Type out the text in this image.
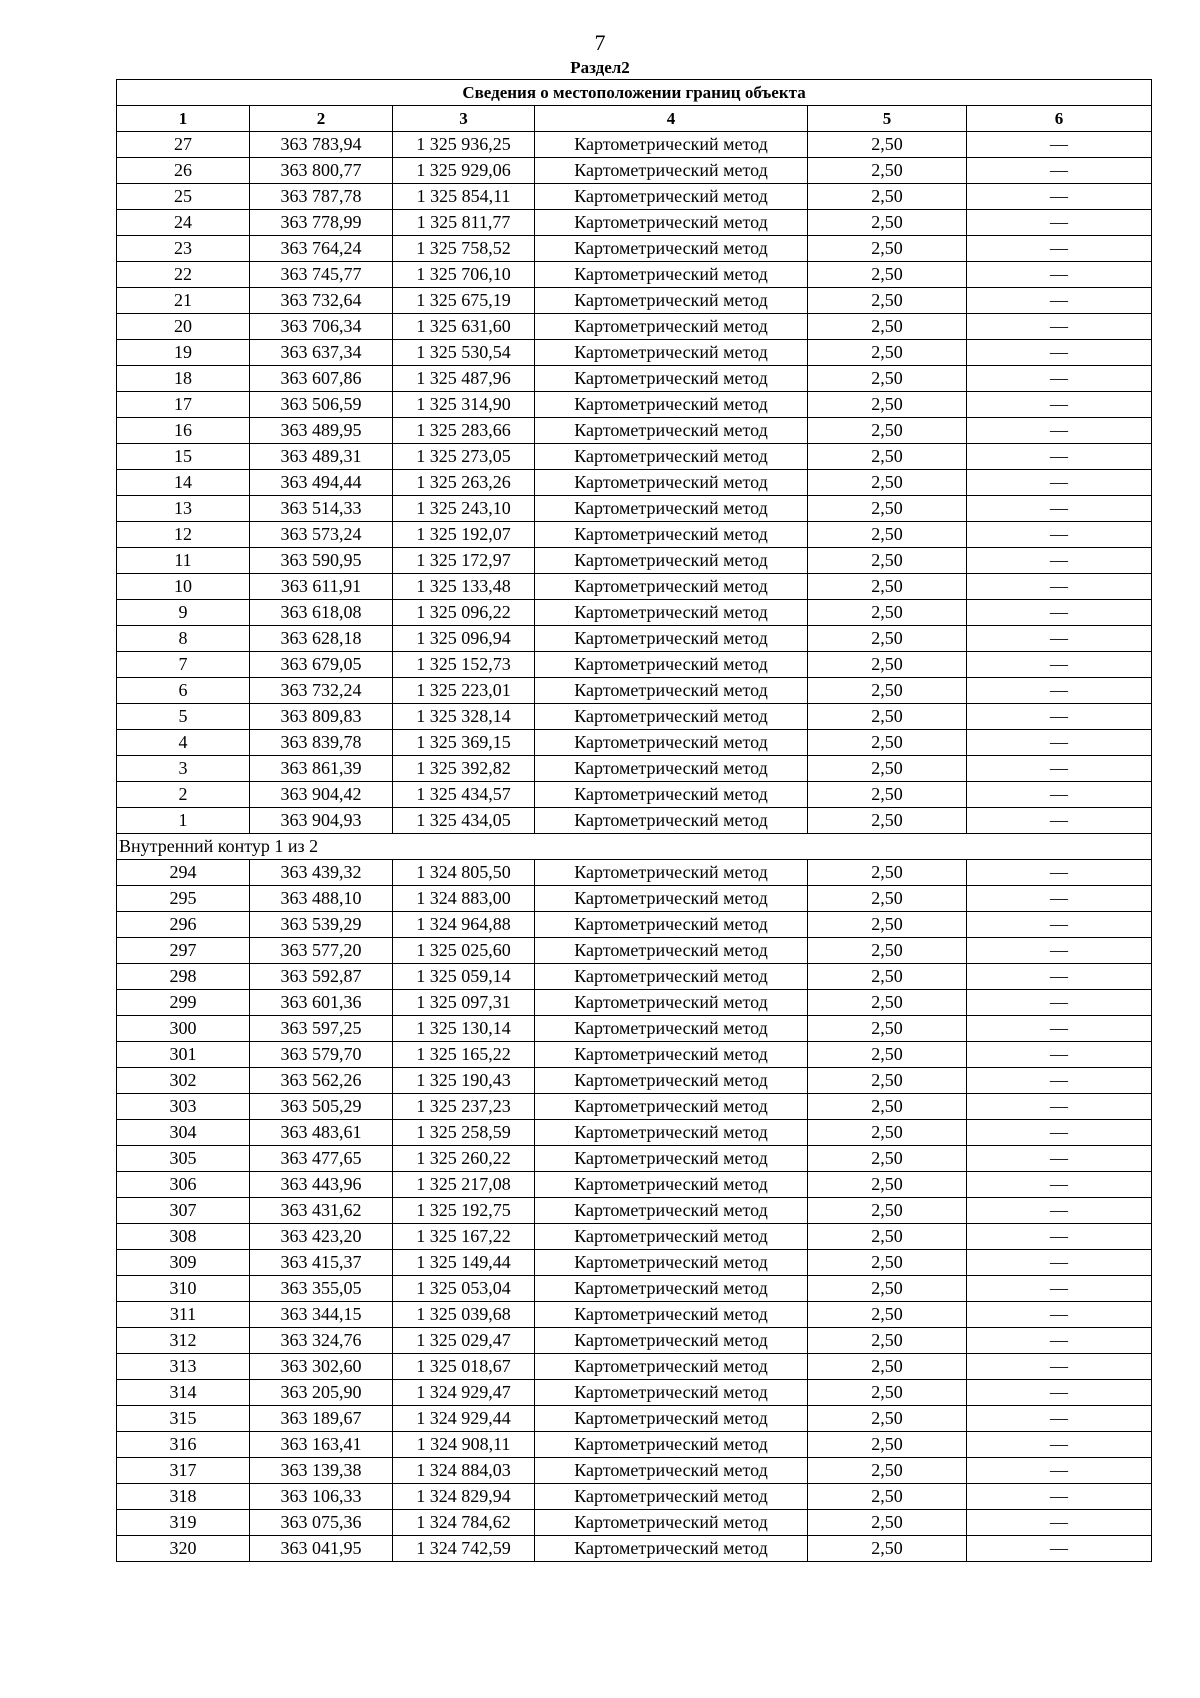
7
Раздел2
Сведения о местоположении границ объекта					
1	2	3	4	5	6
27	363 783,94	1 325 936,25	Картометрический метод	2,50	—
26	363 800,77	1 325 929,06	Картометрический метод	2,50	—
25	363 787,78	1 325 854,11	Картометрический метод	2,50	—
24	363 778,99	1 325 811,77	Картометрический метод	2,50	—
23	363 764,24	1 325 758,52	Картометрический метод	2,50	—
22	363 745,77	1 325 706,10	Картометрический метод	2,50	—
21	363 732,64	1 325 675,19	Картометрический метод	2,50	—
20	363 706,34	1 325 631,60	Картометрический метод	2,50	—
19	363 637,34	1 325 530,54	Картометрический метод	2,50	—
18	363 607,86	1 325 487,96	Картометрический метод	2,50	—
17	363 506,59	1 325 314,90	Картометрический метод	2,50	—
16	363 489,95	1 325 283,66	Картометрический метод	2,50	—
15	363 489,31	1 325 273,05	Картометрический метод	2,50	—
14	363 494,44	1 325 263,26	Картометрический метод	2,50	—
13	363 514,33	1 325 243,10	Картометрический метод	2,50	—
12	363 573,24	1 325 192,07	Картометрический метод	2,50	—
11	363 590,95	1 325 172,97	Картометрический метод	2,50	—
10	363 611,91	1 325 133,48	Картометрический метод	2,50	—
9	363 618,08	1 325 096,22	Картометрический метод	2,50	—
8	363 628,18	1 325 096,94	Картометрический метод	2,50	—
7	363 679,05	1 325 152,73	Картометрический метод	2,50	—
6	363 732,24	1 325 223,01	Картометрический метод	2,50	—
5	363 809,83	1 325 328,14	Картометрический метод	2,50	—
4	363 839,78	1 325 369,15	Картометрический метод	2,50	—
3	363 861,39	1 325 392,82	Картометрический метод	2,50	—
2	363 904,42	1 325 434,57	Картометрический метод	2,50	—
1	363 904,93	1 325 434,05	Картометрический метод	2,50	—
Внутренний контур 1 из 2					
294	363 439,32	1 324 805,50	Картометрический метод	2,50	—
295	363 488,10	1 324 883,00	Картометрический метод	2,50	—
296	363 539,29	1 324 964,88	Картометрический метод	2,50	—
297	363 577,20	1 325 025,60	Картометрический метод	2,50	—
298	363 592,87	1 325 059,14	Картометрический метод	2,50	—
299	363 601,36	1 325 097,31	Картометрический метод	2,50	—
300	363 597,25	1 325 130,14	Картометрический метод	2,50	—
301	363 579,70	1 325 165,22	Картометрический метод	2,50	—
302	363 562,26	1 325 190,43	Картометрический метод	2,50	—
303	363 505,29	1 325 237,23	Картометрический метод	2,50	—
304	363 483,61	1 325 258,59	Картометрический метод	2,50	—
305	363 477,65	1 325 260,22	Картометрический метод	2,50	—
306	363 443,96	1 325 217,08	Картометрический метод	2,50	—
307	363 431,62	1 325 192,75	Картометрический метод	2,50	—
308	363 423,20	1 325 167,22	Картометрический метод	2,50	—
309	363 415,37	1 325 149,44	Картометрический метод	2,50	—
310	363 355,05	1 325 053,04	Картометрический метод	2,50	—
311	363 344,15	1 325 039,68	Картометрический метод	2,50	—
312	363 324,76	1 325 029,47	Картометрический метод	2,50	—
313	363 302,60	1 325 018,67	Картометрический метод	2,50	—
314	363 205,90	1 324 929,47	Картометрический метод	2,50	—
315	363 189,67	1 324 929,44	Картометрический метод	2,50	—
316	363 163,41	1 324 908,11	Картометрический метод	2,50	—
317	363 139,38	1 324 884,03	Картометрический метод	2,50	—
318	363 106,33	1 324 829,94	Картометрический метод	2,50	—
319	363 075,36	1 324 784,62	Картометрический метод	2,50	—
320	363 041,95	1 324 742,59	Картометрический метод	2,50	—
